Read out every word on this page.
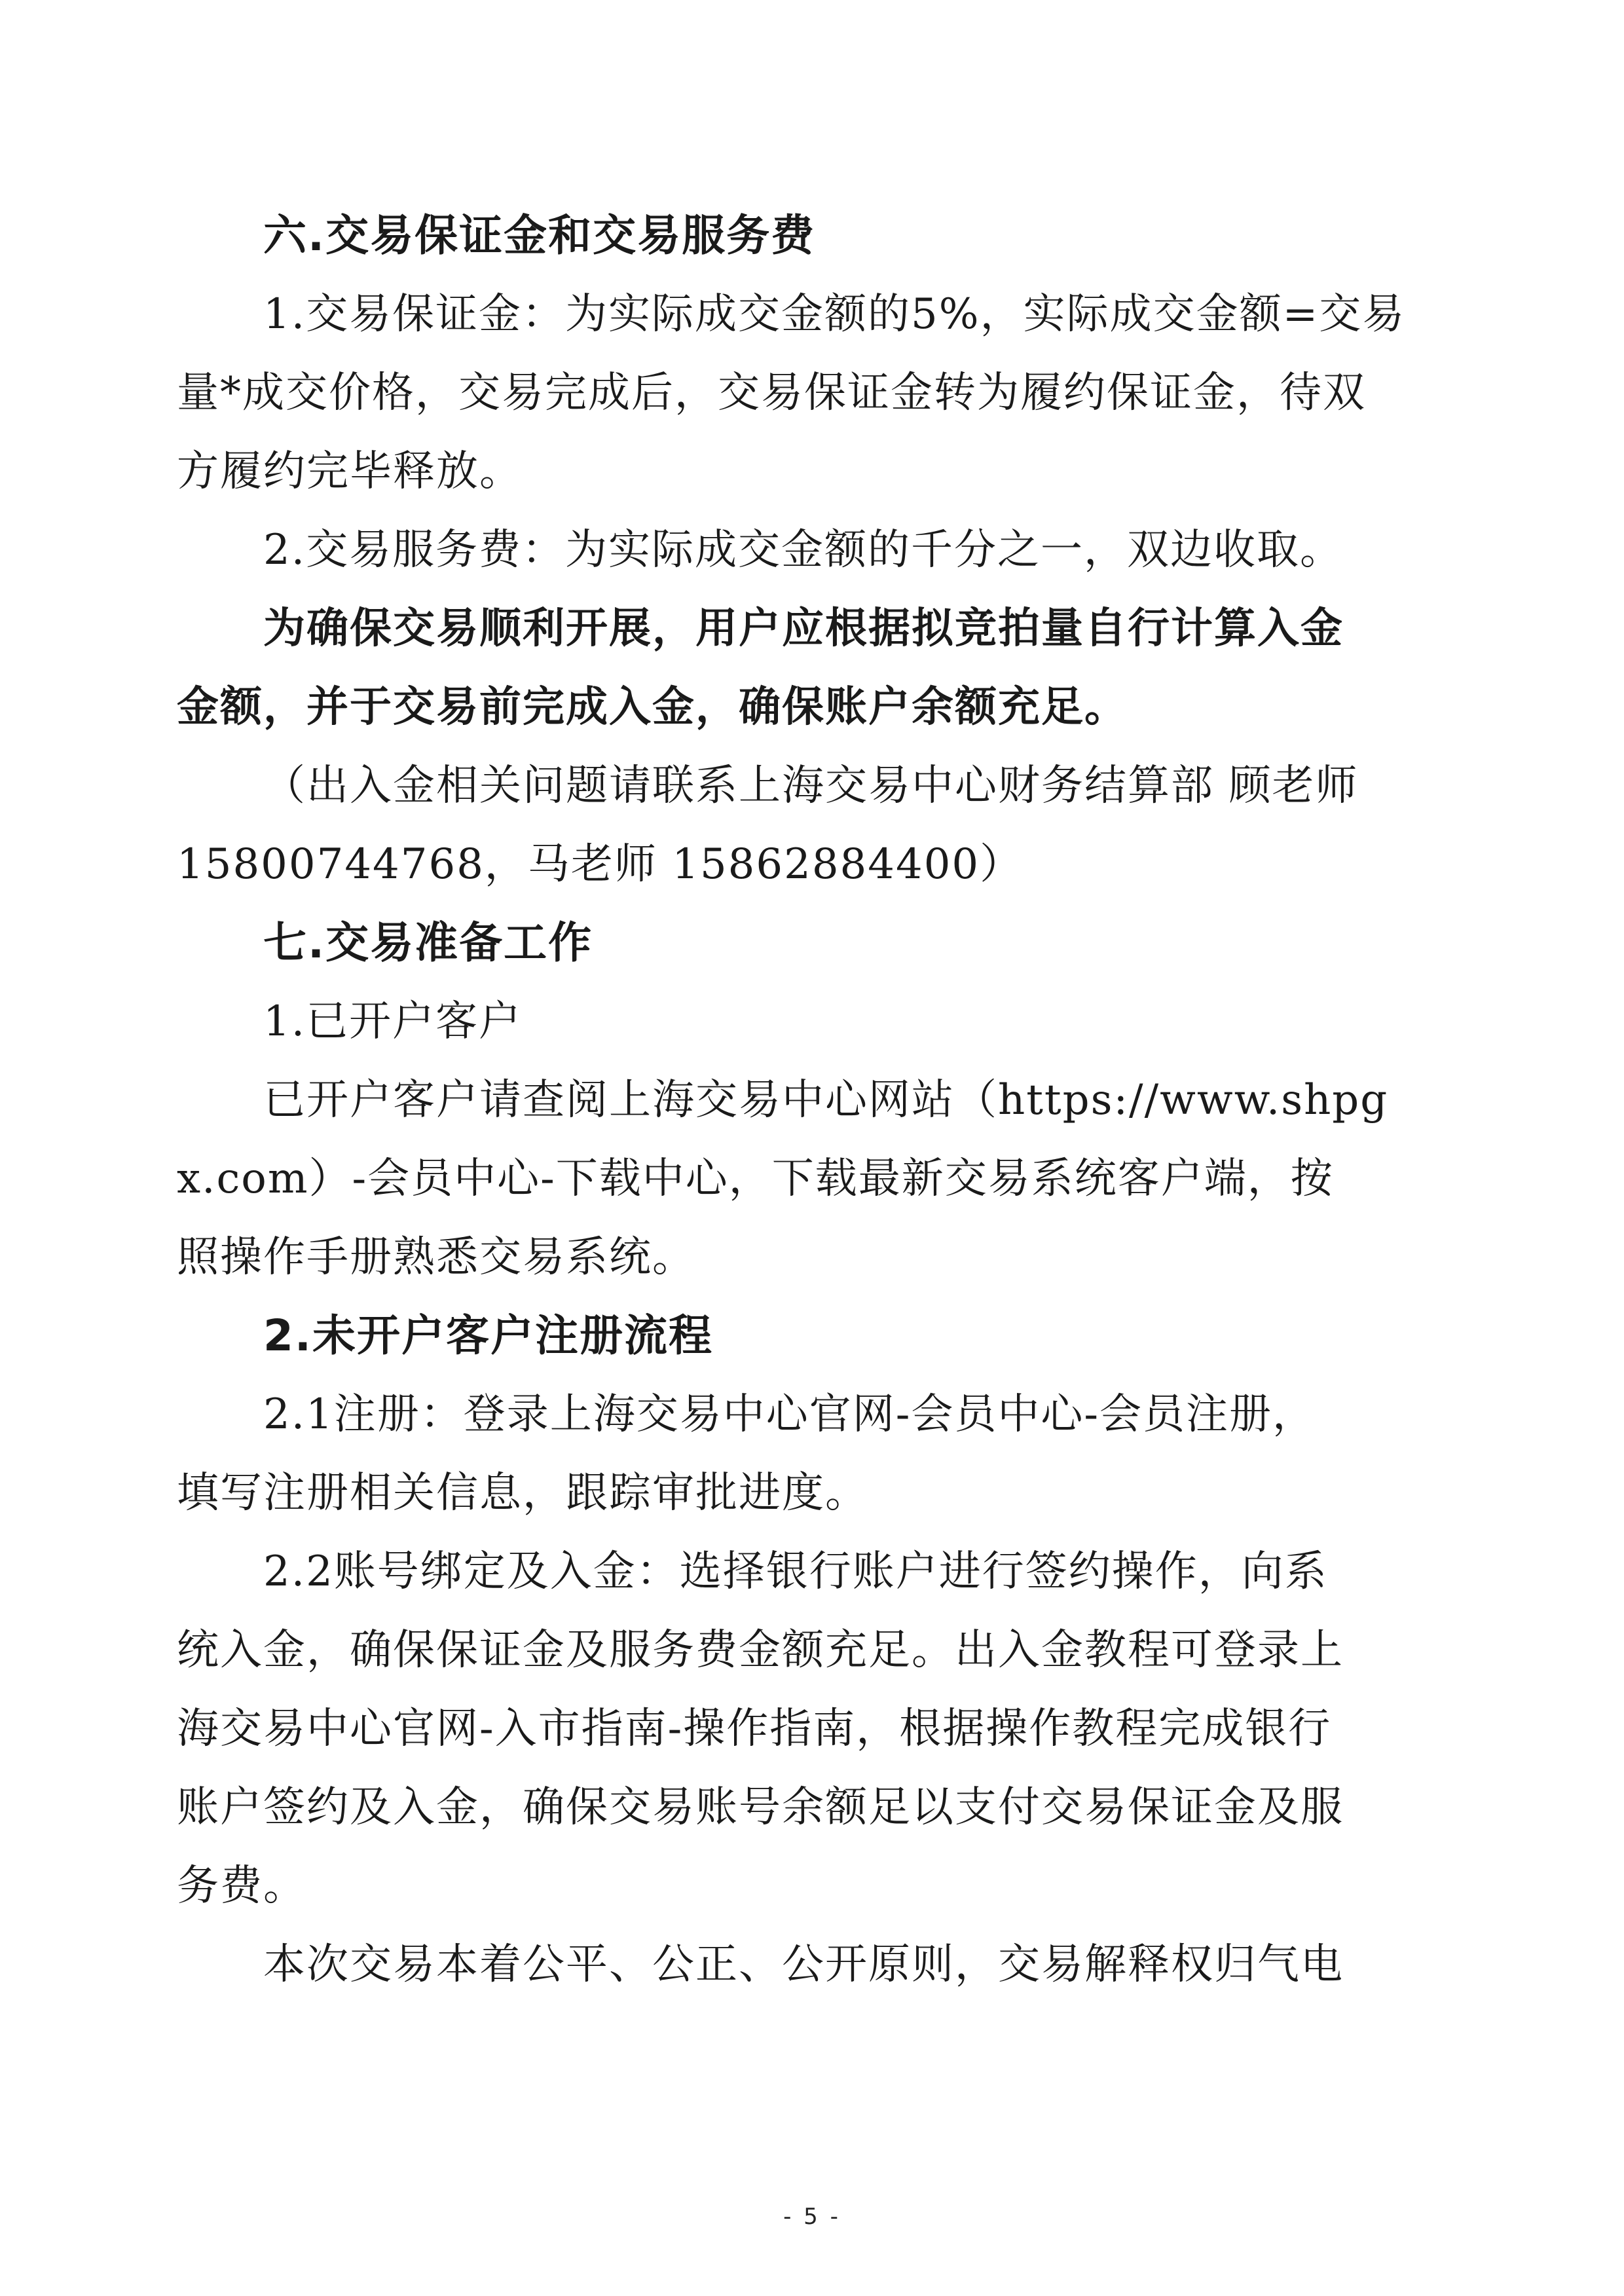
六.交易保证金和交易服务费
1.交易保证金：为实际成交金额的5%，实际成交金额=交易
量*成交价格，交易完成后，交易保证金转为履约保证金，待双
方履约完毕释放。
2.交易服务费：为实际成交金额的千分之一，双边收取。
为确保交易顺利开展，用户应根据拟竞拍量自行计算入金
金额，并于交易前完成入金，确保账户余额充足。
（出入金相关问题请联系上海交易中心财务结算部 顾老师
15800744768，马老师 15862884400）
七.交易准备工作
1.已开户客户
已开户客户请查阅上海交易中心网站（https://www.shpg
x.com）-会员中心-下载中心，下载最新交易系统客户端，按
照操作手册熟悉交易系统。
2.未开户客户注册流程
2.1注册：登录上海交易中心官网-会员中心-会员注册，
填写注册相关信息，跟踪审批进度。
2.2账号绑定及入金：选择银行账户进行签约操作，向系
统入金，确保保证金及服务费金额充足。出入金教程可登录上
海交易中心官网-入市指南-操作指南，根据操作教程完成银行
账户签约及入金，确保交易账号余额足以支付交易保证金及服
务费。
本次交易本着公平、公正、公开原则，交易解释权归气电
- 5 -
